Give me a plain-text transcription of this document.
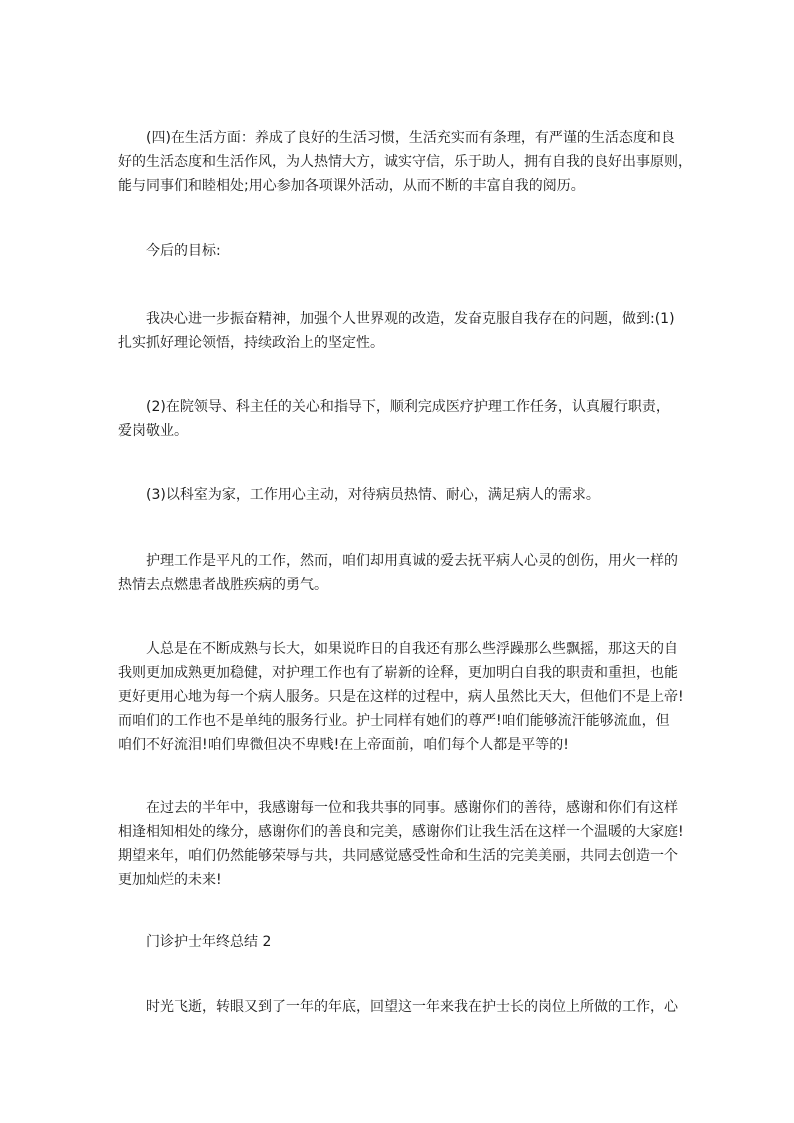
(四)在生活方面：养成了良好的生活习惯，生活充实而有条理，有严谨的生活态度和良
好的生活态度和生活作风，为人热情大方，诚实守信，乐于助人，拥有自我的良好出事原则，
能与同事们和睦相处;用心参加各项课外活动，从而不断的丰富自我的阅历。

今后的目标:

我决心进一步振奋精神，加强个人世界观的改造，发奋克服自我存在的问题，做到:(1)
扎实抓好理论领悟，持续政治上的坚定性。

(2)在院领导、科主任的关心和指导下，顺利完成医疗护理工作任务，认真履行职责，
爱岗敬业。

(3)以科室为家，工作用心主动，对待病员热情、耐心，满足病人的需求。

护理工作是平凡的工作，然而，咱们却用真诚的爱去抚平病人心灵的创伤，用火一样的
热情去点燃患者战胜疾病的勇气。

人总是在不断成熟与长大，如果说昨日的自我还有那么些浮躁那么些飘摇，那这天的自
我则更加成熟更加稳健，对护理工作也有了崭新的诠释，更加明白自我的职责和重担，也能
更好更用心地为每一个病人服务。只是在这样的过程中，病人虽然比天大，但他们不是上帝!
而咱们的工作也不是单纯的服务行业。护士同样有她们的尊严!咱们能够流汗能够流血，但
咱们不好流泪!咱们卑微但决不卑贱!在上帝面前，咱们每个人都是平等的!

在过去的半年中，我感谢每一位和我共事的同事。感谢你们的善待，感谢和你们有这样
相逢相知相处的缘分，感谢你们的善良和完美，感谢你们让我生活在这样一个温暖的大家庭!
期望来年，咱们仍然能够荣辱与共，共同感觉感受性命和生活的完美美丽，共同去创造一个
更加灿烂的未来!

门诊护士年终总结 2

时光飞逝，转眼又到了一年的年底，回望这一年来我在护士长的岗位上所做的工作，心
